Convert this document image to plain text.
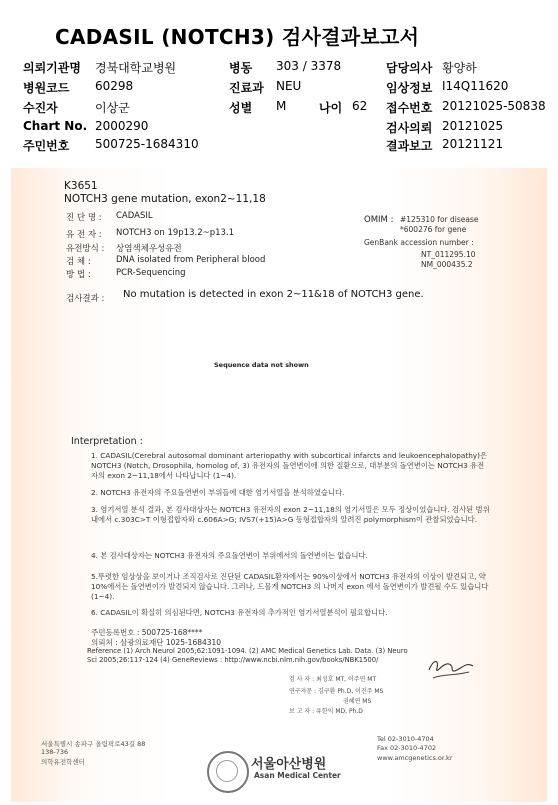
CADASIL (NOTCH3) 검사결과보고서
의뢰기관명 경북대학교병원	병동 303 / 3378	담당의사 황양하
병원코드 60298	진료과 NEU	임상정보 I14Q11620
수진자	이상군	성별 M	나이 62 접수번호 20121025-50838
Chart No. 2000290	검사의뢰 20121025
주민번호 500725-1684310	결과보고 20121121
K3651
NOTCH3 gene mutation, exon2~11,18
진 단 명 : CADASIL
유 전 자 : NOTCH3 on 19p13.2~p13.1
유전방식 : 상염색체우성유전
검 체 :	DNA isolated from Peripheral blood
방 법 :	PCR-Sequencing
OMIM : #125310 for disease
*600276 for gene
GenBank accession number :
NT_011295.10
NM_000435.2
검사결과 : No mutation is detected in exon 2~11&18 of NOTCH3 gene.
Sequence data not shown
Interpretation :
1. CADASIL(Cerebral autosomal dominant arteriopathy with subcortical infarcts and leukoencephalopathy)은 NOTCH3 (Notch, Drosophila, homolog of, 3) 유전자의 돌연변이에 의한 질환으로, 대부분의 돌연변이는 NOTCH3 유전자의 exon 2~11,18에서 나타납니다 (1~4).
2. NOTCH3 유전자의 주요돌연변이 부위들에 대한 염기서열을 분석하였습니다.
3. 염기서열 분석 결과, 본 검사대상자는 NOTCH3 유전자의 exon 2~11,18의 염기서열은 모두 정상이었습니다. 검사된 범위내에서 c.303C>T 이형접합자와 c.606A>G; IVS7(+15)A>G 동형접합자의 알려진 polymorphism이 관찰되었습니다.
4. 본 검사대상자는 NOTCH3 유전자의 주요돌연변이 부위에서의 돌연변이는 없습니다.
5.뚜렷한 임상상을 보이거나 조직검사로 진단된 CADASIL환자에서는 90%이상에서 NOTCH3 유전자의 이상이 발견되고, 약 10%에서는 돌연변이가 발견되지 않습니다. 그러나, 드물게 NOTCH3 의 나머지 exon 에서 돌연변이가 발견될 수도 있습니다 (1~4).
6. CADASIL이 확실히 의심된다면, NOTCH3 유전자의 추가적인 염기서열분석이 필요합니다.
주민등록번호 : 500725-168****
의뢰처 : 삼광의료재단 1025-1684310
Reference (1) Arch Neurol 2005;62:1091-1094. (2) AMC Medical Genetics Lab. Data. (3) Neuro Sci 2005;26:117-124 (4) GeneReviews : http://www.ncbi.nlm.nih.gov/books/NBK1500/
검 사 자 : 최성호 MT, 이주연 MT
연구자문 : 김구환 Ph.D, 이진주 MS
권혜연 MS
보 고 자 : 유한익 MD, Ph.D
서울특별시 송파구 올림픽로43길 88
138-736
의학유전학센터	서울아산병원
Asan Medical Center
Tel 02-3010-4704
Fax 02-3010-4702
www.amcgenetics.or.kr
